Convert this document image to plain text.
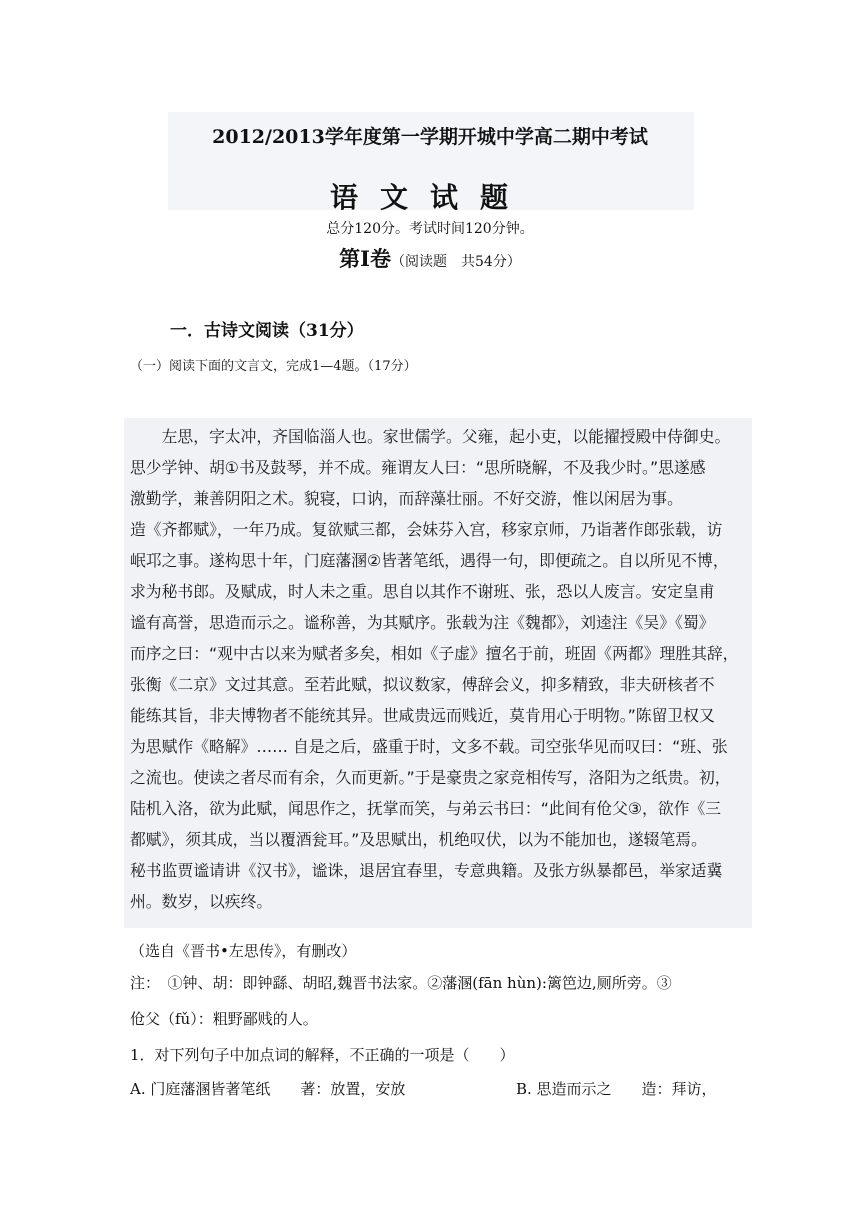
2012/2013学年度第一学期开城中学高二期中考试
语文试题
总分120分。考试时间120分钟。
第Ⅰ卷（阅读题　共54分）
一．古诗文阅读（31分）
（一）阅读下面的文言文，完成1—4题。（17分）
　　左思，字太冲，齐国临淄人也。家世儒学。父雍，起小吏，以能擢授殿中侍御史。
思少学钟、胡①书及鼓琴，并不成。雍谓友人曰：“思所晓解，不及我少时。”思遂感
激勤学，兼善阴阳之术。貌寝，口讷，而辞藻壮丽。不好交游，惟以闲居为事。
造《齐都赋》，一年乃成。复欲赋三都，会妹芬入宫，移家京师，乃诣著作郎张载，访
岷邛之事。遂构思十年，门庭藩溷②皆著笔纸，遇得一句，即便疏之。自以所见不博，
求为秘书郎。及赋成，时人未之重。思自以其作不谢班、张，恐以人废言。安定皇甫
谧有高誉，思造而示之。谧称善，为其赋序。张载为注《魏都》，刘逵注《吴》《蜀》
而序之曰：“观中古以来为赋者多矣，相如《子虚》擅名于前，班固《两都》理胜其辞，
张衡《二京》文过其意。至若此赋，拟议数家，傅辞会义，抑多精致，非夫研核者不
能练其旨，非夫博物者不能统其异。世咸贵远而贱近，莫肯用心于明物。”陈留卫权又
为思赋作《略解》…… 自是之后，盛重于时，文多不载。司空张华见而叹曰：“班、张
之流也。使读之者尽而有余，久而更新。”于是豪贵之家竞相传写，洛阳为之纸贵。初，
陆机入洛，欲为此赋，闻思作之，抚掌而笑，与弟云书曰：“此间有伧父③，欲作《三
都赋》，须其成，当以覆酒瓮耳。”及思赋出，机绝叹伏，以为不能加也，遂辍笔焉。
秘书监贾谧请讲《汉书》，谧诛，退居宜春里，专意典籍。及张方纵暴都邑，举家适冀
州。数岁，以疾终。
（选自《晋书•左思传》，有删改）
注：　①钟、胡：即钟繇、胡昭,魏晋书法家。②藩溷(fān hùn):篱笆边,厕所旁。③
伧父（fǔ）：粗野鄙贱的人。
1．对下列句子中加点词的解释，不正确的一项是（　　）
A. 门庭藩溷皆著笔纸　　著：放置，安放	B. 思造而示之　　造：拜访，
